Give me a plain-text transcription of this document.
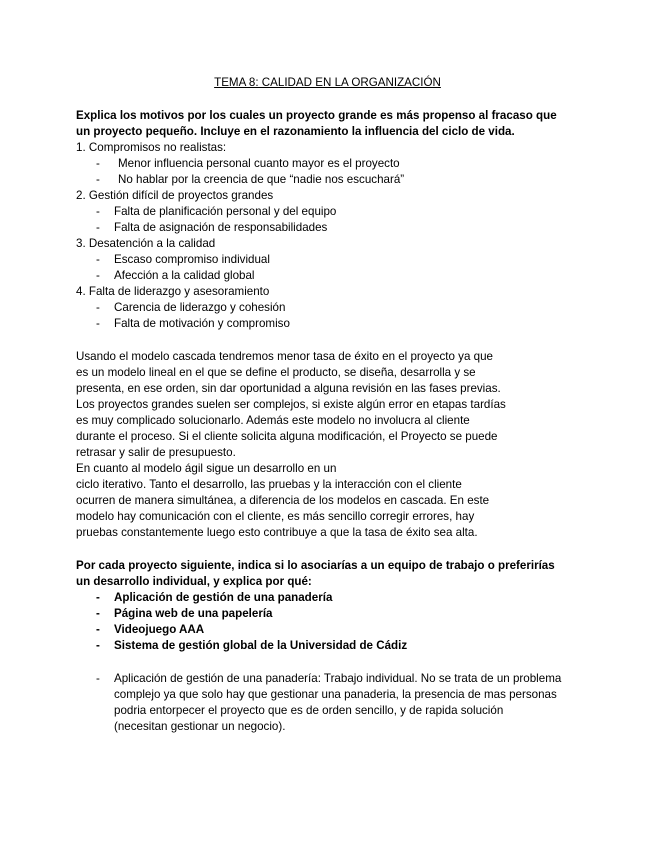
TEMA 8: CALIDAD EN LA ORGANIZACIÓN
Explica los motivos por los cuales un proyecto grande es más propenso al fracaso que
un proyecto pequeño. Incluye en el razonamiento la influencia del ciclo de vida.
1. Compromisos no realistas:
- Menor influencia personal cuanto mayor es el proyecto
- No hablar por la creencia de que “nadie nos escuchará”
2. Gestión difícil de proyectos grandes
- Falta de planificación personal y del equipo
- Falta de asignación de responsabilidades
3. Desatención a la calidad
- Escaso compromiso individual
- Afección a la calidad global
4. Falta de liderazgo y asesoramiento
- Carencia de liderazgo y cohesión
- Falta de motivación y compromiso
Usando el modelo cascada tendremos menor tasa de éxito en el proyecto ya que
es un modelo lineal en el que se define el producto, se diseña, desarrolla y se
presenta, en ese orden, sin dar oportunidad a alguna revisión en las fases previas.
Los proyectos grandes suelen ser complejos, si existe algún error en etapas tardías
es muy complicado solucionarlo. Además este modelo no involucra al cliente
durante el proceso. Si el cliente solicita alguna modificación, el Proyecto se puede
retrasar y salir de presupuesto.
En cuanto al modelo ágil sigue un desarrollo en un
ciclo iterativo. Tanto el desarrollo, las pruebas y la interacción con el cliente
ocurren de manera simultánea, a diferencia de los modelos en cascada. En este
modelo hay comunicación con el cliente, es más sencillo corregir errores, hay
pruebas constantemente luego esto contribuye a que la tasa de éxito sea alta.
Por cada proyecto siguiente, indica si lo asociarías a un equipo de trabajo o preferirías
un desarrollo individual, y explica por qué:
- Aplicación de gestión de una panadería
- Página web de una papelería
- Videojuego AAA
- Sistema de gestión global de la Universidad de Cádiz
- Aplicación de gestión de una panadería: Trabajo individual. No se trata de un problema
complejo ya que solo hay que gestionar una panaderia, la presencia de mas personas
podria entorpecer el proyecto que es de orden sencillo, y de rapida solución
(necesitan gestionar un negocio).
